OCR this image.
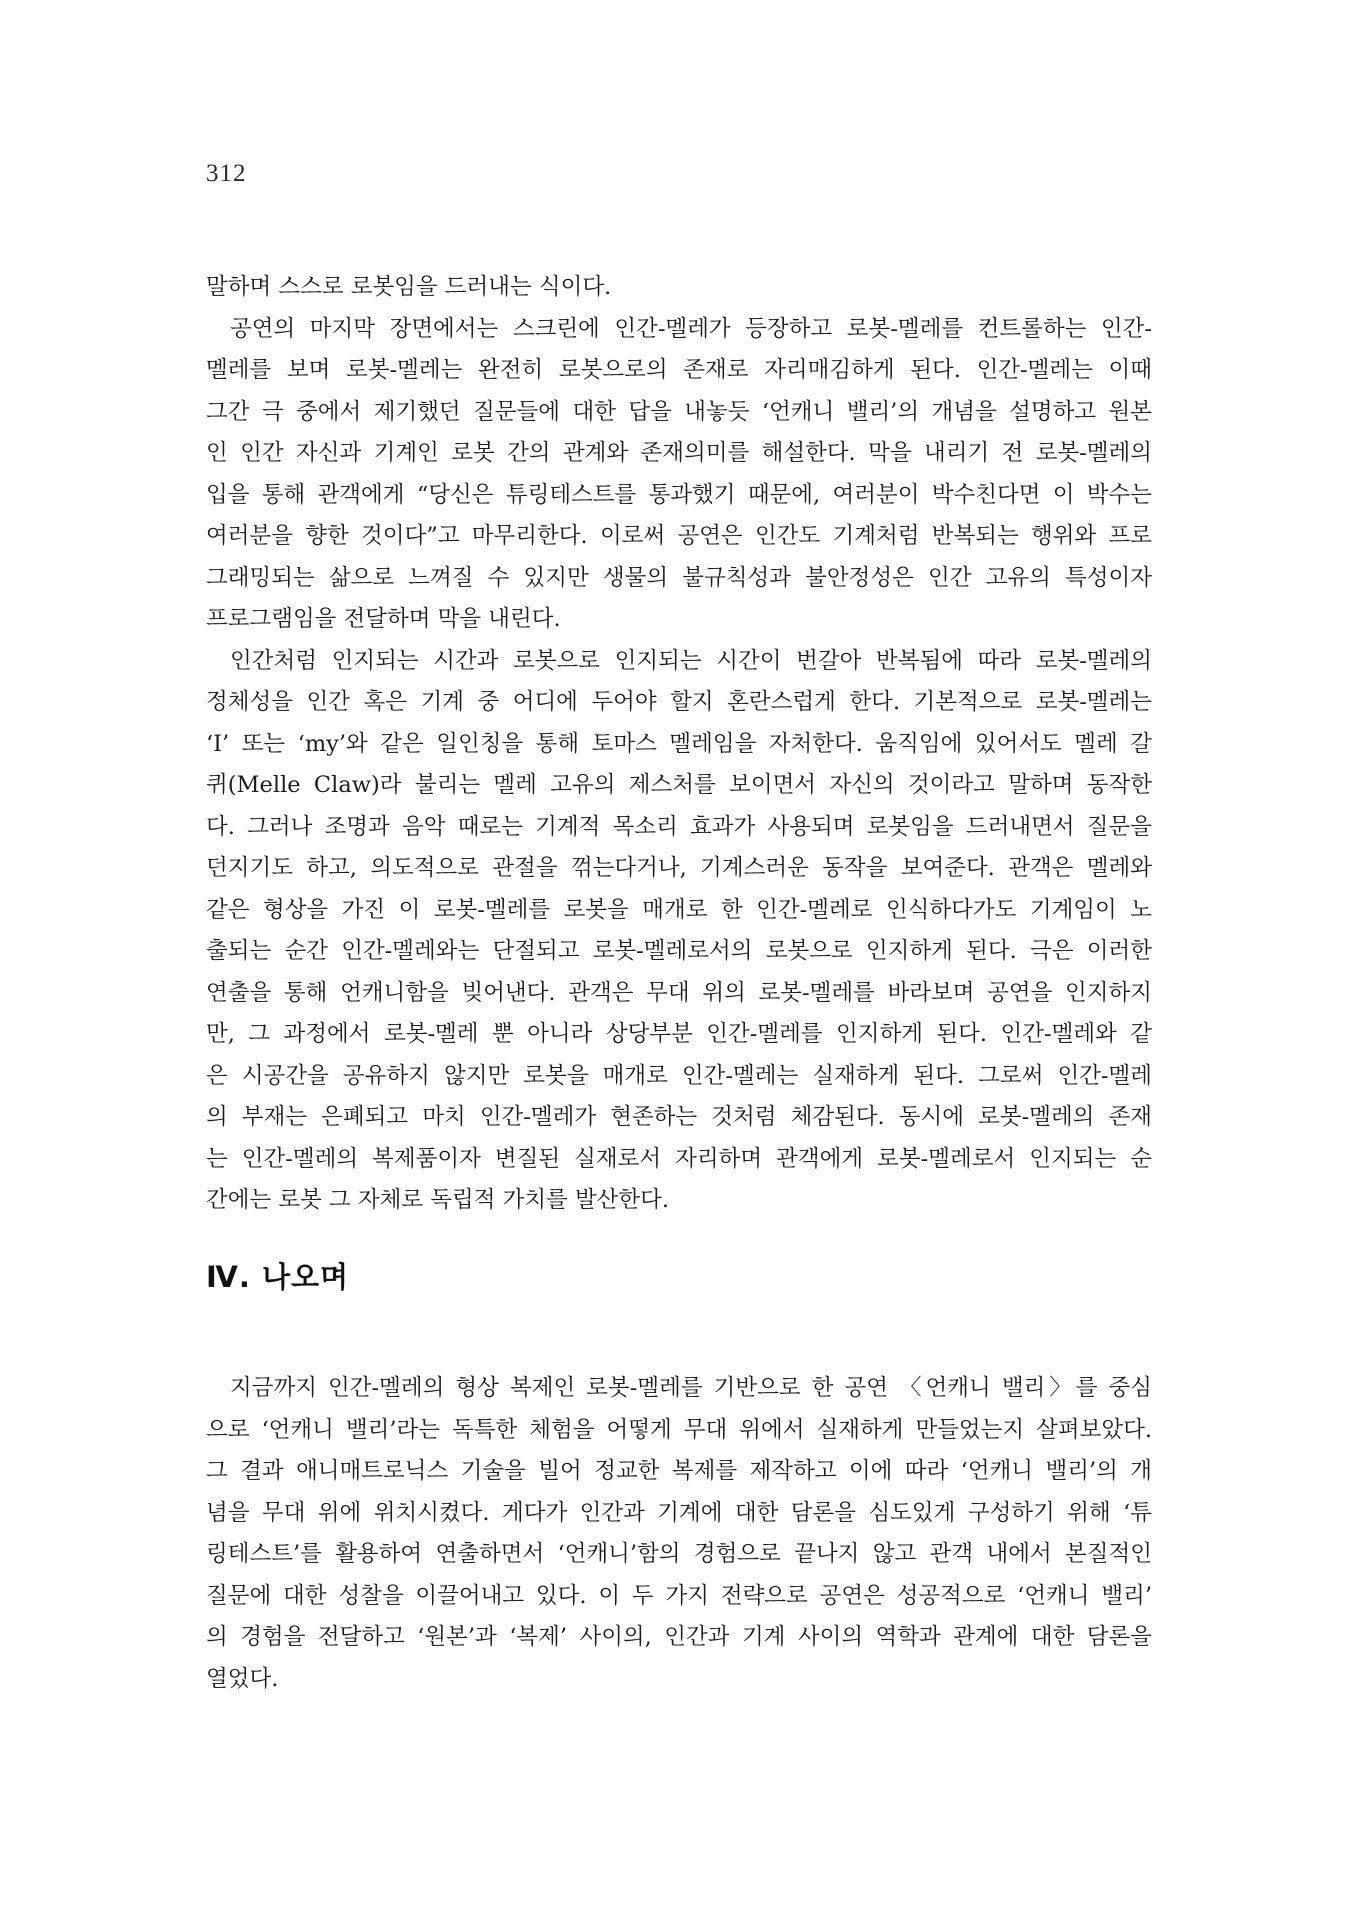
312
말하며 스스로 로봇임을 드러내는 식이다.
공연의 마지막 장면에서는 스크린에 인간-멜레가 등장하고 로봇-멜레를 컨트롤하는 인간-
멜레를 보며 로봇-멜레는 완전히 로봇으로의 존재로 자리매김하게 된다. 인간-멜레는 이때
그간 극 중에서 제기했던 질문들에 대한 답을 내놓듯 ‘언캐니 밸리’의 개념을 설명하고 원본
인 인간 자신과 기계인 로봇 간의 관계와 존재의미를 해설한다. 막을 내리기 전 로봇-멜레의
입을 통해 관객에게 “당신은 튜링테스트를 통과했기 때문에, 여러분이 박수친다면 이 박수는
여러분을 향한 것이다”고 마무리한다. 이로써 공연은 인간도 기계처럼 반복되는 행위와 프로
그래밍되는 삶으로 느껴질 수 있지만 생물의 불규칙성과 불안정성은 인간 고유의 특성이자
프로그램임을 전달하며 막을 내린다.
인간처럼 인지되는 시간과 로봇으로 인지되는 시간이 번갈아 반복됨에 따라 로봇-멜레의
정체성을 인간 혹은 기계 중 어디에 두어야 할지 혼란스럽게 한다. 기본적으로 로봇-멜레는
‘I’ 또는 ‘my’와 같은 일인칭을 통해 토마스 멜레임을 자처한다. 움직임에 있어서도 멜레 갈
퀴(Melle Claw)라 불리는 멜레 고유의 제스처를 보이면서 자신의 것이라고 말하며 동작한
다. 그러나 조명과 음악 때로는 기계적 목소리 효과가 사용되며 로봇임을 드러내면서 질문을
던지기도 하고, 의도적으로 관절을 꺾는다거나, 기계스러운 동작을 보여준다. 관객은 멜레와
같은 형상을 가진 이 로봇-멜레를 로봇을 매개로 한 인간-멜레로 인식하다가도 기계임이 노
출되는 순간 인간-멜레와는 단절되고 로봇-멜레로서의 로봇으로 인지하게 된다. 극은 이러한
연출을 통해 언캐니함을 빚어낸다. 관객은 무대 위의 로봇-멜레를 바라보며 공연을 인지하지
만, 그 과정에서 로봇-멜레 뿐 아니라 상당부분 인간-멜레를 인지하게 된다. 인간-멜레와 같
은 시공간을 공유하지 않지만 로봇을 매개로 인간-멜레는 실재하게 된다. 그로써 인간-멜레
의 부재는 은폐되고 마치 인간-멜레가 현존하는 것처럼 체감된다. 동시에 로봇-멜레의 존재
는 인간-멜레의 복제품이자 변질된 실재로서 자리하며 관객에게 로봇-멜레로서 인지되는 순
간에는 로봇 그 자체로 독립적 가치를 발산한다.
Ⅳ. 나오며
지금까지 인간-멜레의 형상 복제인 로봇-멜레를 기반으로 한 공연 〈언캐니 밸리〉를 중심
으로 ‘언캐니 밸리’라는 독특한 체험을 어떻게 무대 위에서 실재하게 만들었는지 살펴보았다.
그 결과 애니매트로닉스 기술을 빌어 정교한 복제를 제작하고 이에 따라 ‘언캐니 밸리’의 개
념을 무대 위에 위치시켰다. 게다가 인간과 기계에 대한 담론을 심도있게 구성하기 위해 ‘튜
링테스트’를 활용하여 연출하면서 ‘언캐니’함의 경험으로 끝나지 않고 관객 내에서 본질적인
질문에 대한 성찰을 이끌어내고 있다. 이 두 가지 전략으로 공연은 성공적으로 ‘언캐니 밸리’
의 경험을 전달하고 ‘원본’과 ‘복제’ 사이의, 인간과 기계 사이의 역학과 관계에 대한 담론을
열었다.
